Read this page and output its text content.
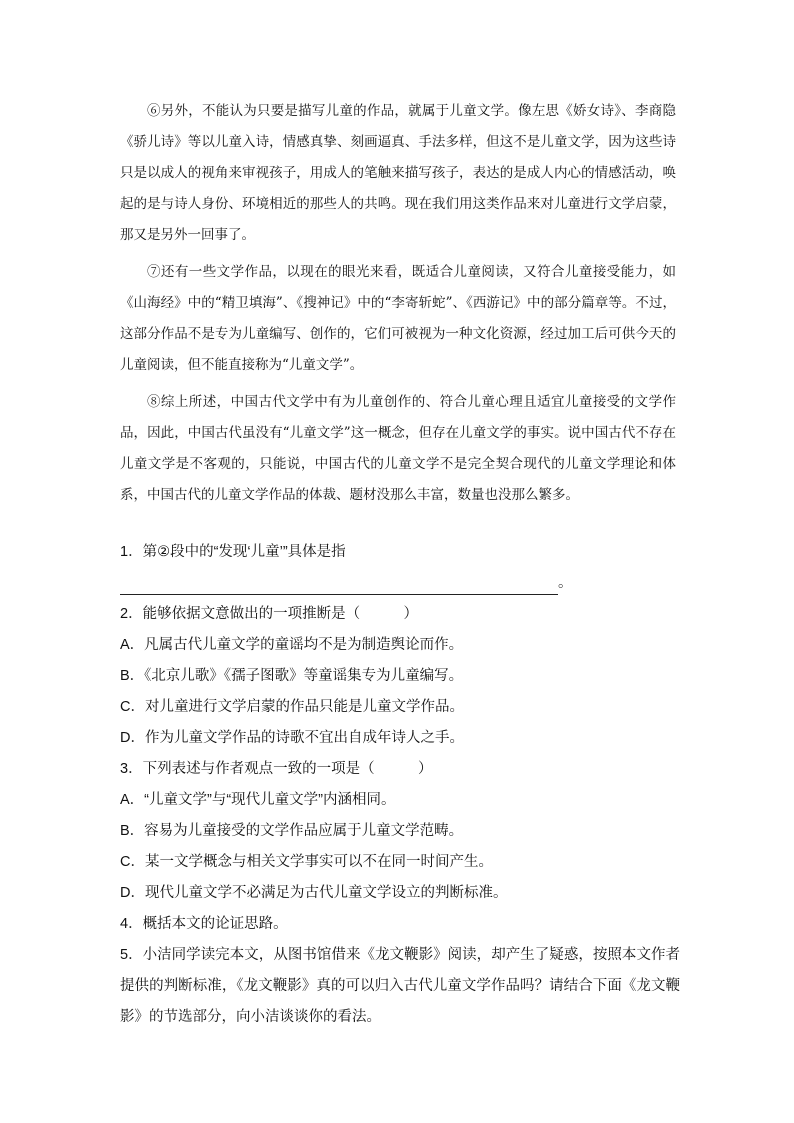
⑥另外，不能认为只要是描写儿童的作品，就属于儿童文学。像左思《娇女诗》、李商隐《骄儿诗》等以儿童入诗，情感真挚、刻画逼真、手法多样，但这不是儿童文学，因为这些诗只是以成人的视角来审视孩子，用成人的笔触来描写孩子，表达的是成人内心的情感活动，唤起的是与诗人身份、环境相近的那些人的共鸣。现在我们用这类作品来对儿童进行文学启蒙，那又是另外一回事了。

⑦还有一些文学作品，以现在的眼光来看，既适合儿童阅读，又符合儿童接受能力，如《山海经》中的“精卫填海”、《搜神记》中的“李寄斩蛇”、《西游记》中的部分篇章等。不过，这部分作品不是专为儿童编写、创作的，它们可被视为一种文化资源，经过加工后可供今天的儿童阅读，但不能直接称为“儿童文学”。

⑧综上所述，中国古代文学中有为儿童创作的、符合儿童心理且适宜儿童接受的文学作品，因此，中国古代虽没有“儿童文学”这一概念，但存在儿童文学的事实。说中国古代不存在儿童文学是不客观的，只能说，中国古代的儿童文学不是完全契合现代的儿童文学理论和体系，中国古代的儿童文学作品的体裁、题材没那么丰富，数量也没那么繁多。

1．第②段中的“发现‘儿童’”具体是指

。

2．能够依据文意做出的一项推断是（　　　）

A．凡属古代儿童文学的童谣均不是为制造舆论而作。

B．《北京儿歌》《孺子图歌》等童谣集专为儿童编写。

C．对儿童进行文学启蒙的作品只能是儿童文学作品。

D．作为儿童文学作品的诗歌不宜出自成年诗人之手。

3．下列表述与作者观点一致的一项是（　　　）

A．“儿童文学”与“现代儿童文学”内涵相同。

B．容易为儿童接受的文学作品应属于儿童文学范畴。

C．某一文学概念与相关文学事实可以不在同一时间产生。

D．现代儿童文学不必满足为古代儿童文学设立的判断标准。

4．概括本文的论证思路。

5．小洁同学读完本文，从图书馆借来《龙文鞭影》阅读，却产生了疑惑，按照本文作者提供的判断标准，《龙文鞭影》真的可以归入古代儿童文学作品吗？请结合下面《龙文鞭影》的节选部分，向小洁谈谈你的看法。
